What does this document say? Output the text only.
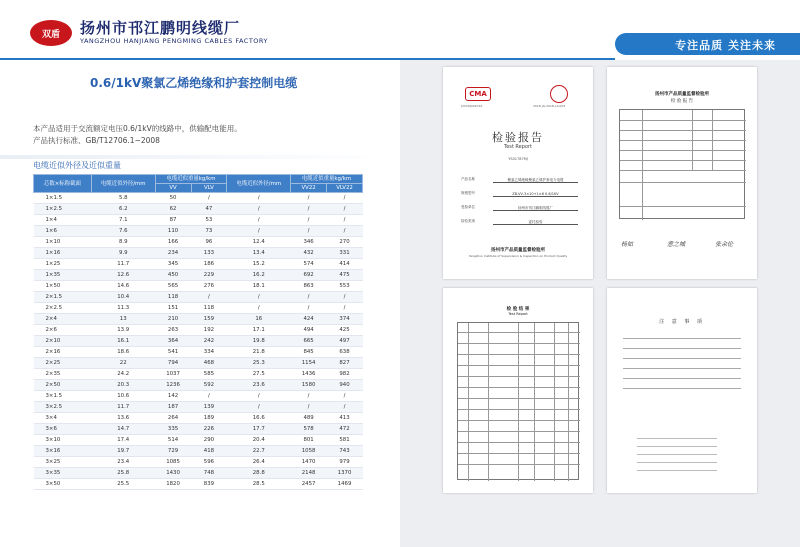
双盾 扬州市邗江鹏明线缆厂
YANGZHOU HANJIANG PENGMING CABLES FACTORY	专注品质 关注未来
0.6/1kV聚氯乙烯绝缘和护套控制电缆
本产品适用于交流额定电压0.6/1kV的线路中，供输配电能用。
产品执行标准、GB/T12706.1~2008
电缆近似外径及近似重量
芯数×标称截面	电缆近似外径/mm	电缆近似重量kg/km		电缆近似外径/mm	电缆近似重量kg/km	
		VV	VLV		VV22	VLV22
1×1.5	5.8	50	/	/	/	/
1×2.5	6.2	62	47	/	/	/
1×4	7.1	87	53	/	/	/
1×6	7.6	110	73	/	/	/
1×10	8.9	166	96	12.4	346	270
1×16	9.9	234	133	13.4	432	331
1×25	11.7	345	186	15.2	574	414
1×35	12.6	450	229	16.2	692	475
1×50	14.6	565	276	18.1	863	553
2×1.5	10.4	118	/	/	/	/
2×2.5	11.3	151	118	/	/	/
2×4	13	210	159	16	424	374
2×6	13.9	263	192	17.1	494	425
2×10	16.1	364	242	19.8	665	497
2×16	18.6	541	334	21.8	845	638
2×25	22	794	468	25.3	1154	827
2×35	24.2	1037	585	27.5	1436	982
2×50	20.3	1236	592	23.6	1580	940
3×1.5	10.6	142	/	/	/	/
3×2.5	11.7	187	139	/	/	/
3×4	13.6	264	189	16.6	489	413
3×6	14.7	335	226	17.7	578	472
3×10	17.4	514	290	20.4	801	581
3×16	19.7	729	418	22.7	1058	743
3×25	23.4	1085	596	26.4	1470	979
3×35	25.8	1430	748	28.8	2148	1370
3×50	25.5	1820	839	28.5	2457	1469
CMA
[2018]000742	2018-JG-2018-LX-003
检验报告
Test Report
YS01787MJ
产品名称	聚氯乙烯绝缘聚氯乙烯护套电力电缆
规格型号	ZB-VV-3×10+1×6 0.6/1KV
受检单位	扬州市邗江鹏明线缆厂
检验类别	委托检验
扬州市产品质量监督检验所
Yangzhou Institute of Supervision & Inspection on Product Quality
扬州市产品质量监督检验所
检 验 报 告
杨如	意之城	张余伦
检 验 结 果
Test Report
注 意 事 项
